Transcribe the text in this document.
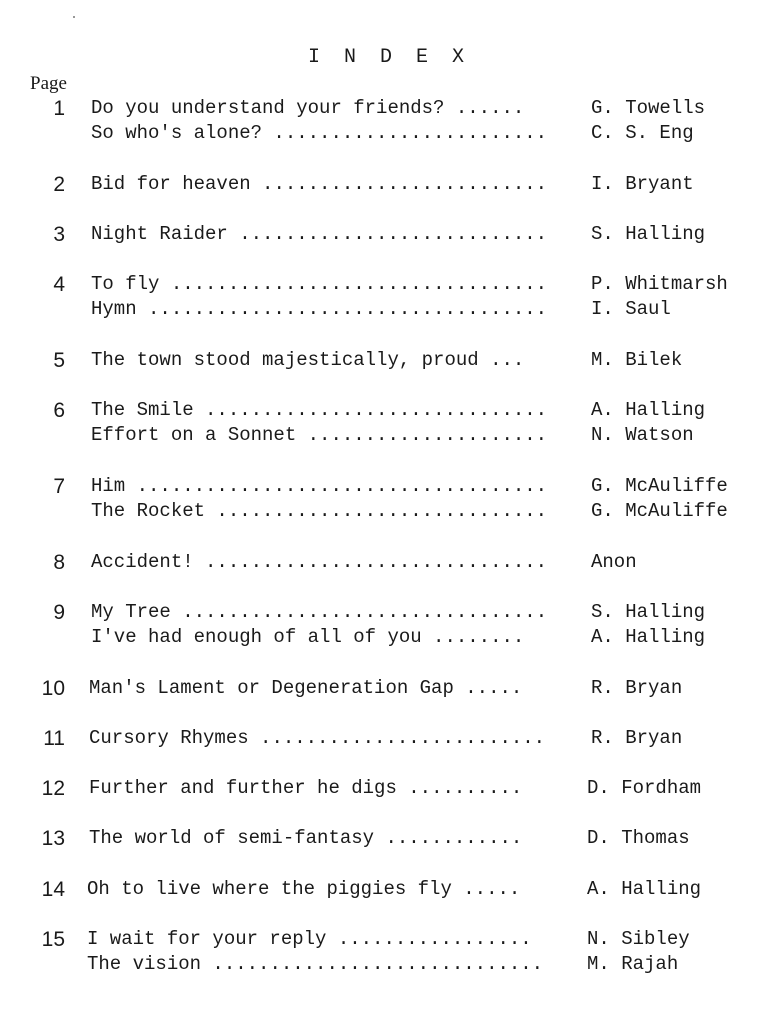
I N D E X
Page
1 Do you understand your friends? ......	G. Towells
So who's alone? ........................ C. S. Eng
2 Bid for heaven ......................... I. Bryant
3 Night Raider ........................... S. Halling
4 To fly ................................. P. Whitmarsh
Hymn ................................... I. Saul
5 The town stood majestically, proud ...	M. Bilek
6 The Smile .............................. A. Halling
Effort on a Sonnet ..................... N. Watson
7 Him .................................... G. McAuliffe
The Rocket ............................. G. McAuliffe
8 Accident! .............................. Anon
9 My Tree ................................ S. Halling
I've had enough of all of you ........	A. Halling
10 Man's Lament or Degeneration Gap .....	R. Bryan
11 Cursory Rhymes ......................... R. Bryan
12 Further and further he digs ..........	D. Fordham
13 The world of semi-fantasy ............	D. Thomas
14 Oh to live where the piggies fly .....	A. Halling
15 I wait for your reply .................	N. Sibley
The vision ............................. M. Rajah
